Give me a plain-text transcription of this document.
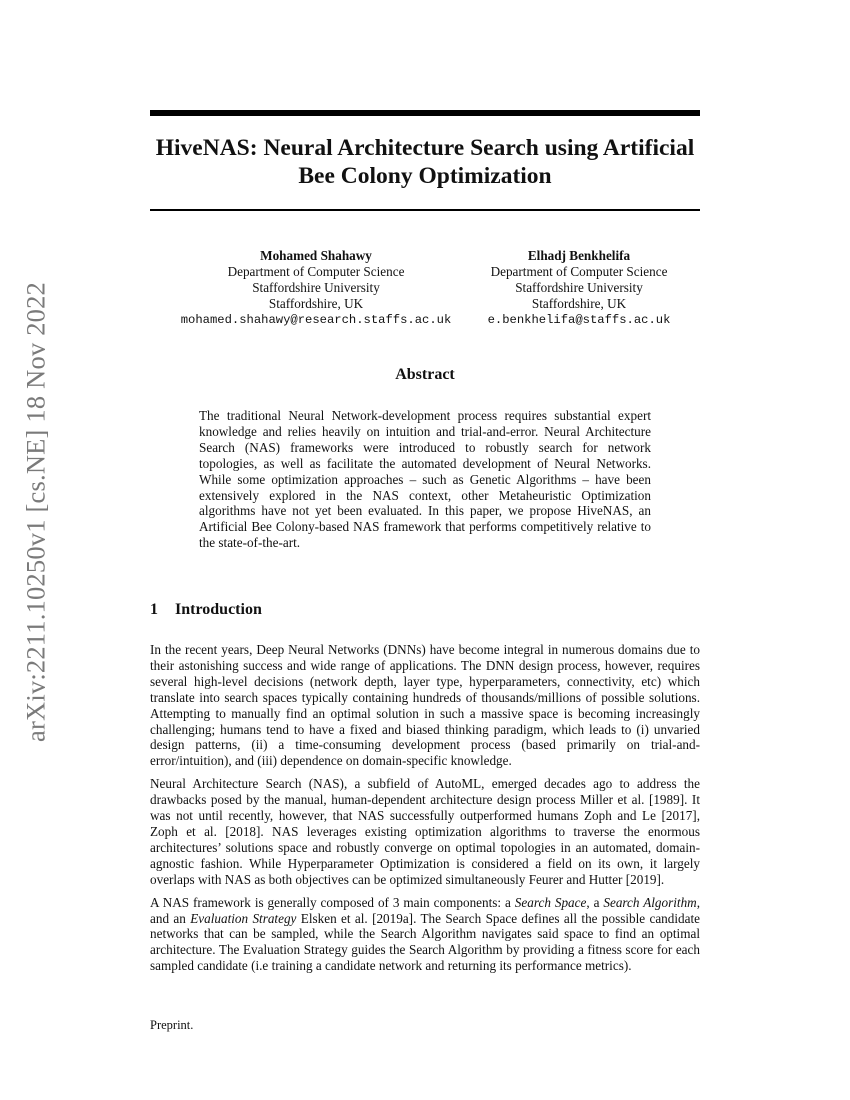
arXiv:2211.10250v1 [cs.NE] 18 Nov 2022
HiveNAS: Neural Architecture Search using Artificial
Bee Colony Optimization
Mohamed Shahawy
Department of Computer Science
Staffordshire University
Staffordshire, UK
mohamed.shahawy@research.staffs.ac.uk
Elhadj Benkhelifa
Department of Computer Science
Staffordshire University
Staffordshire, UK
e.benkhelifa@staffs.ac.uk
Abstract

The traditional Neural Network-development process requires substantial expert knowledge and relies heavily on intuition and trial-and-error. Neural Architecture Search (NAS) frameworks were introduced to robustly search for network topologies, as well as facilitate the automated development of Neural Networks. While some optimization approaches – such as Genetic Algorithms – have been extensively explored in the NAS context, other Metaheuristic Optimization algorithms have not yet been evaluated. In this paper, we propose HiveNAS, an Artificial Bee Colony-based NAS framework that performs competitively relative to the state-of-the-art.

1 Introduction

In the recent years, Deep Neural Networks (DNNs) have become integral in numerous domains due to their astonishing success and wide range of applications. The DNN design process, however, requires several high-level decisions (network depth, layer type, hyperparameters, connectivity, etc) which translate into search spaces typically containing hundreds of thousands/millions of possible solutions. Attempting to manually find an optimal solution in such a massive space is becoming increasingly challenging; humans tend to have a fixed and biased thinking paradigm, which leads to (i) unvaried design patterns, (ii) a time-consuming development process (based primarily on trial-and-error/intuition), and (iii) dependence on domain-specific knowledge.

Neural Architecture Search (NAS), a subfield of AutoML, emerged decades ago to address the drawbacks posed by the manual, human-dependent architecture design process Miller et al. [1989]. It was not until recently, however, that NAS successfully outperformed humans Zoph and Le [2017], Zoph et al. [2018]. NAS leverages existing optimization algorithms to traverse the enormous architectures’ solutions space and robustly converge on optimal topologies in an automated, domain-agnostic fashion. While Hyperparameter Optimization is considered a field on its own, it largely overlaps with NAS as both objectives can be optimized simultaneously Feurer and Hutter [2019].

A NAS framework is generally composed of 3 main components: a Search Space, a Search Algorithm, and an Evaluation Strategy Elsken et al. [2019a]. The Search Space defines all the possible candidate networks that can be sampled, while the Search Algorithm navigates said space to find an optimal architecture. The Evaluation Strategy guides the Search Algorithm by providing a fitness score for each sampled candidate (i.e training a candidate network and returning its performance metrics).

Preprint.
